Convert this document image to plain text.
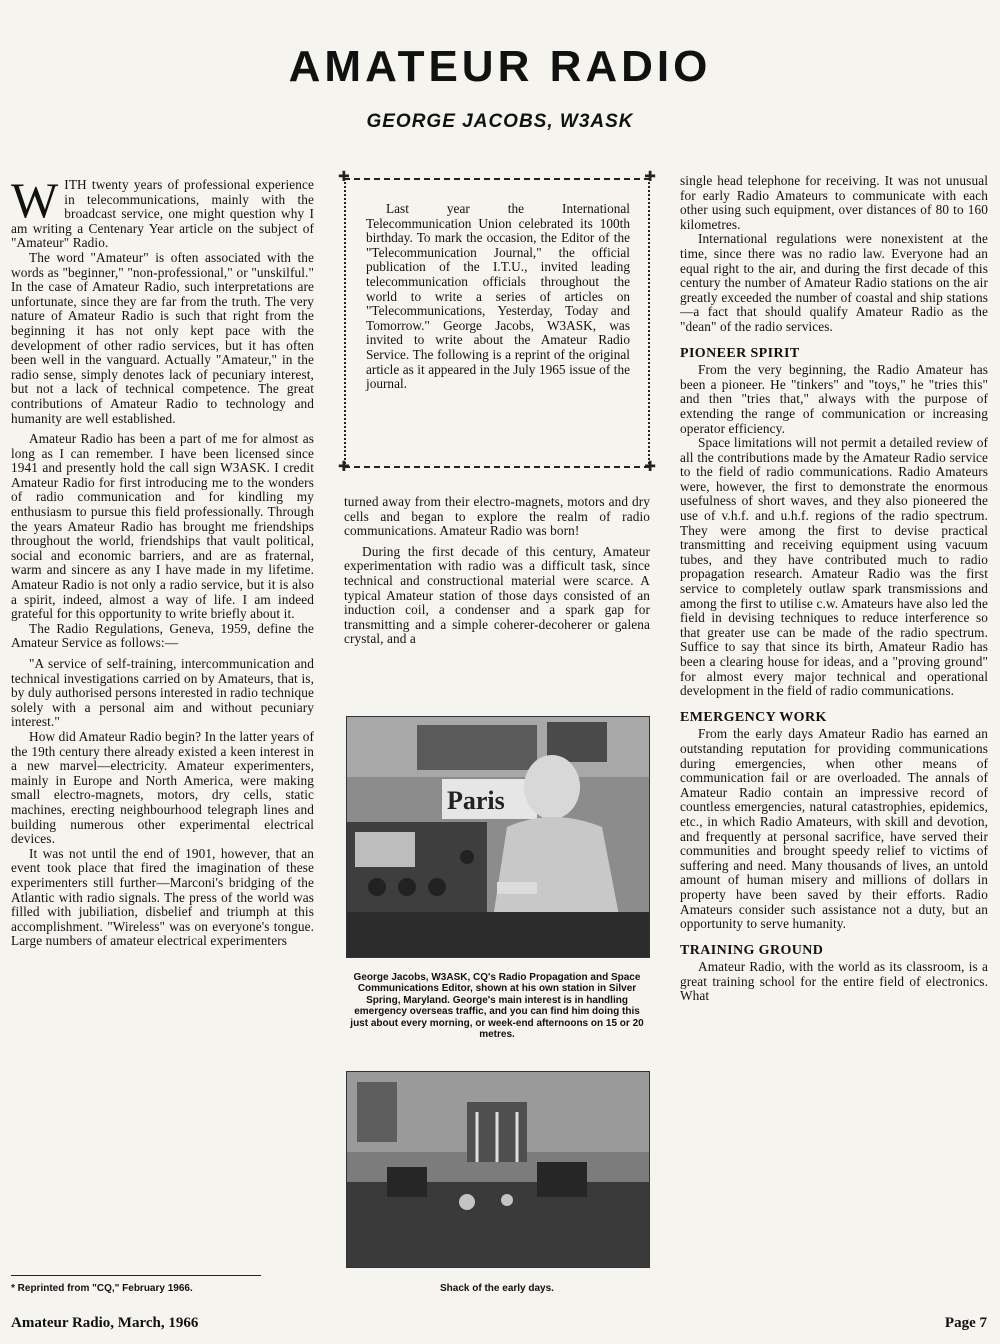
AMATEUR RADIO
GEORGE JACOBS, W3ASK

WITH twenty years of professional experience in telecommunications, mainly with the broadcast service, one might question why I am writing a Centenary Year article on the subject of "Amateur" Radio.

The word "Amateur" is often associated with the words as "beginner," "non-professional," or "unskilful." In the case of Amateur Radio, such interpretations are unfortunate, since they are far from the truth. The very nature of Amateur Radio is such that right from the beginning it has not only kept pace with the development of other radio services, but it has often been well in the vanguard. Actually "Amateur," in the radio sense, simply denotes lack of pecuniary interest, but not a lack of technical competence. The great contributions of Amateur Radio to technology and humanity are well established.

Amateur Radio has been a part of me for almost as long as I can remember. I have been licensed since 1941 and presently hold the call sign W3ASK. I credit Amateur Radio for first introducing me to the wonders of radio communication and for kindling my enthusiasm to pursue this field professionally. Through the years Amateur Radio has brought me friendships throughout the world, friendships that vault political, social and economic barriers, and are as fraternal, warm and sincere as any I have made in my lifetime. Amateur Radio is not only a radio service, but it is also a spirit, indeed, almost a way of life. I am indeed grateful for this opportunity to write briefly about it.

The Radio Regulations, Geneva, 1959, define the Amateur Service as follows:—

"A service of self-training, intercommunication and technical investigations carried on by Amateurs, that is, by duly authorised persons interested in radio technique solely with a personal aim and without pecuniary interest."

How did Amateur Radio begin? In the latter years of the 19th century there already existed a keen interest in a new marvel—electricity. Amateur experimenters, mainly in Europe and North America, were making small electro-magnets, motors, dry cells, static machines, erecting neighbourhood telegraph lines and building numerous other experimental electrical devices.

It was not until the end of 1901, however, that an event took place that fired the imagination of these experimenters still further—Marconi's bridging of the Atlantic with radio signals. The press of the world was filled with jubiliation, disbelief and triumph at this accomplishment. "Wireless" was on everyone's tongue. Large numbers of amateur electrical experimenters

✚	✚
✚	✚

Last year the International Telecommunication Union celebrated its 100th birthday. To mark the occasion, the Editor of the "Telecommunication Journal," the official publication of the I.T.U., invited leading telecommunication officials throughout the world to write a series of articles on "Telecommunications, Yesterday, Today and Tomorrow." George Jacobs, W3ASK, was invited to write about the Amateur Radio Service. The following is a reprint of the original article as it appeared in the July 1965 issue of the journal.

turned away from their electro-magnets, motors and dry cells and began to explore the realm of radio communications. Amateur Radio was born!

During the first decade of this century, Amateur experimentation with radio was a difficult task, since technical and constructional material were scarce. A typical Amateur station of those days consisted of an induction coil, a condenser and a spark gap for transmitting and a simple coherer-decoherer or galena crystal, and a

Paris
George Jacobs, W3ASK, CQ's Radio Propagation and Space Communications Editor, shown at his own station in Silver Spring, Maryland. George's main interest is in handling emergency overseas traffic, and you can find him doing this just about every morning, or week-end afternoons on 15 or 20 metres.
Shack of the early days.

single head telephone for receiving. It was not unusual for early Radio Amateurs to communicate with each other using such equipment, over distances of 80 to 160 kilometres.

International regulations were nonexistent at the time, since there was no radio law. Everyone had an equal right to the air, and during the first decade of this century the number of Amateur Radio stations on the air greatly exceeded the number of coastal and ship stations—a fact that should qualify Amateur Radio as the "dean" of the radio services.

PIONEER SPIRIT

From the very beginning, the Radio Amateur has been a pioneer. He "tinkers" and "toys," he "tries this" and then "tries that," always with the purpose of extending the range of communication or increasing operator efficiency.

Space limitations will not permit a detailed review of all the contributions made by the Amateur Radio service to the field of radio communications. Radio Amateurs were, however, the first to demonstrate the enormous usefulness of short waves, and they also pioneered the use of v.h.f. and u.h.f. regions of the radio spectrum. They were among the first to devise practical transmitting and receiving equipment using vacuum tubes, and they have contributed much to radio propagation research. Amateur Radio was the first service to completely outlaw spark transmissions and among the first to utilise c.w. Amateurs have also led the field in devising techniques to reduce interference so that greater use can be made of the radio spectrum. Suffice to say that since its birth, Amateur Radio has been a clearing house for ideas, and a "proving ground" for almost every major technical and operational development in the field of radio communications.

EMERGENCY WORK

From the early days Amateur Radio has earned an outstanding reputation for providing communications during emergencies, when other means of communication fail or are overloaded. The annals of Amateur Radio contain an impressive record of countless emergencies, natural catastrophies, epidemics, etc., in which Radio Amateurs, with skill and devotion, and frequently at personal sacrifice, have served their communities and brought speedy relief to victims of suffering and need. Many thousands of lives, an untold amount of human misery and millions of dollars in property have been saved by their efforts. Radio Amateurs consider such assistance not a duty, but an opportunity to serve humanity.

TRAINING GROUND

Amateur Radio, with the world as its classroom, is a great training school for the entire field of electronics. What

* Reprinted from "CQ," February 1966.
Amateur Radio, March, 1966	Page 7
